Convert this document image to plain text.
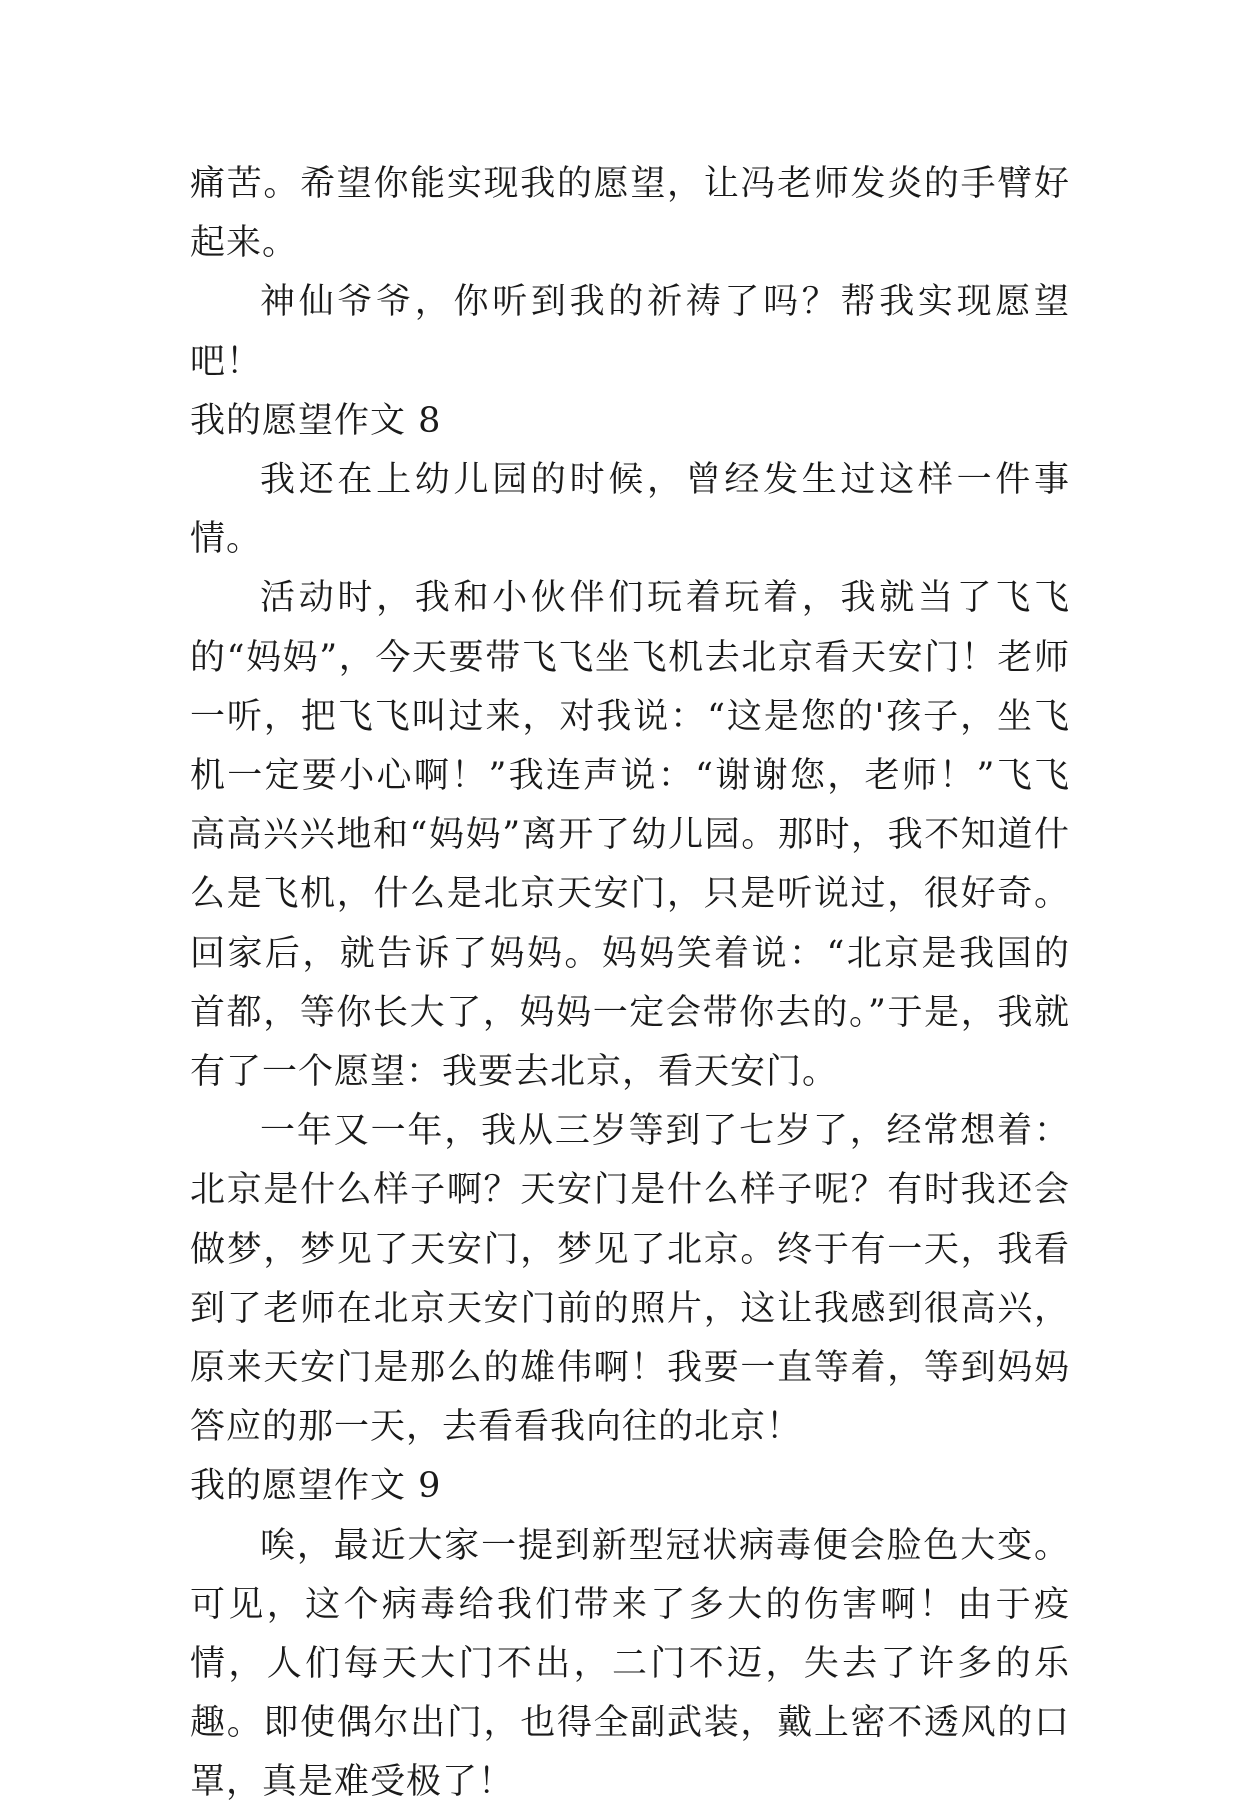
痛苦。希望你能实现我的愿望，让冯老师发炎的手臂好起来。

神仙爷爷，你听到我的祈祷了吗？帮我实现愿望吧！

我的愿望作文 8

我还在上幼儿园的时候，曾经发生过这样一件事情。

活动时，我和小伙伴们玩着玩着，我就当了飞飞的“妈妈”，今天要带飞飞坐飞机去北京看天安门！老师一听，把飞飞叫过来，对我说：“这是您的'孩子，坐飞机一定要小心啊！”我连声说：“谢谢您，老师！”飞飞高高兴兴地和“妈妈”离开了幼儿园。那时，我不知道什么是飞机，什么是北京天安门，只是听说过，很好奇。回家后，就告诉了妈妈。妈妈笑着说：“北京是我国的首都，等你长大了，妈妈一定会带你去的。”于是，我就有了一个愿望：我要去北京，看天安门。

一年又一年，我从三岁等到了七岁了，经常想着：北京是什么样子啊？天安门是什么样子呢？有时我还会做梦，梦见了天安门，梦见了北京。终于有一天，我看到了老师在北京天安门前的照片，这让我感到很高兴，原来天安门是那么的雄伟啊！我要一直等着，等到妈妈答应的那一天，去看看我向往的北京！

我的愿望作文 9

唉，最近大家一提到新型冠状病毒便会脸色大变。可见，这个病毒给我们带来了多大的伤害啊！由于疫情，人们每天大门不出，二门不迈，失去了许多的乐趣。即使偶尔出门，也得全副武装，戴上密不透风的口罩，真是难受极了！
